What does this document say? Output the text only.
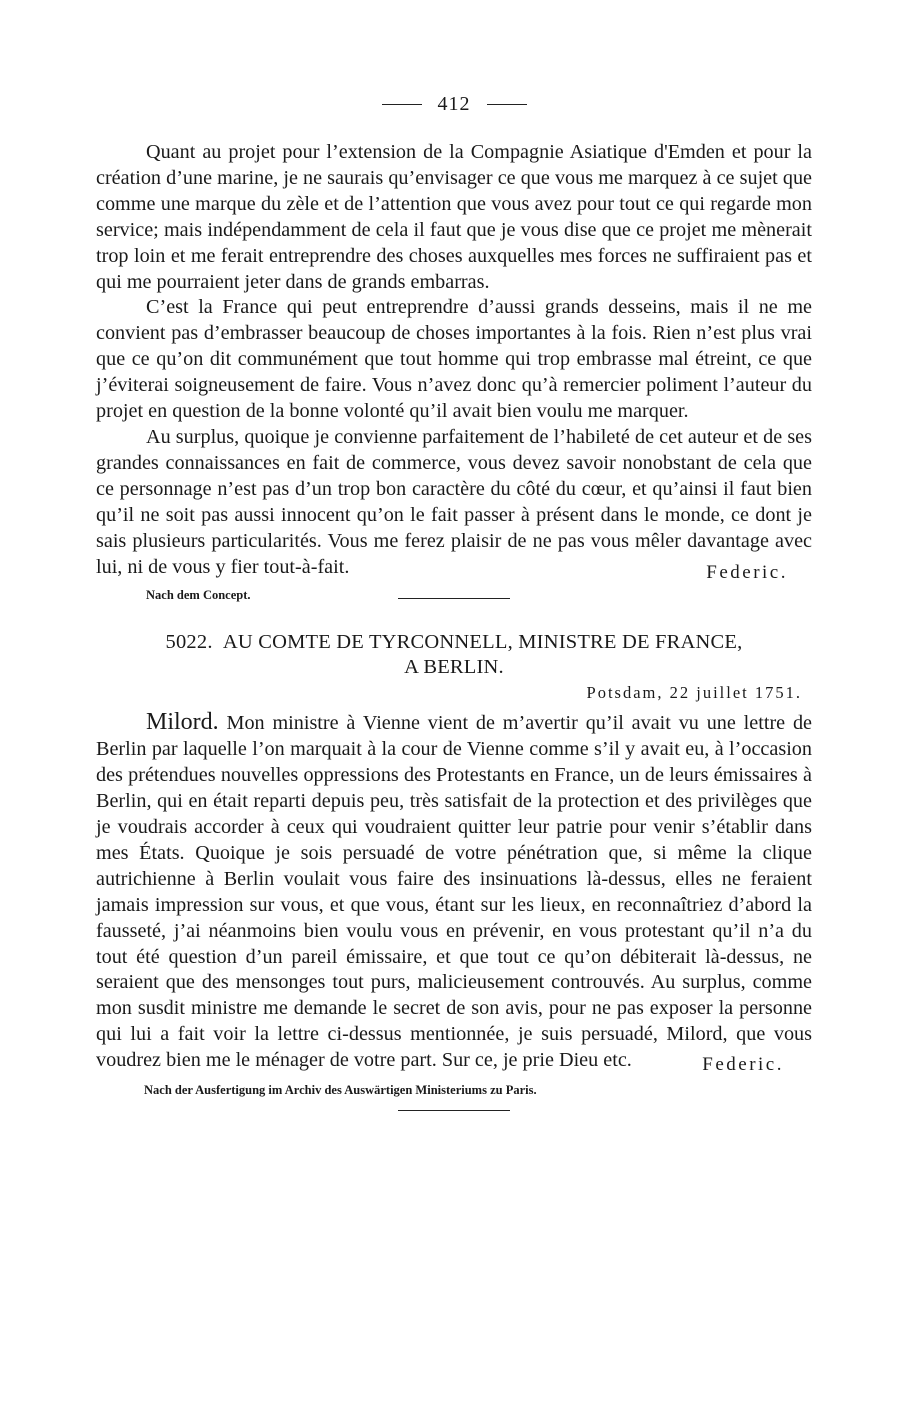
412

Quant au projet pour l’extension de la Compagnie Asiatique d'Emden et pour la création d’une marine, je ne saurais qu’envisager ce que vous me marquez à ce sujet que comme une marque du zèle et de l’attention que vous avez pour tout ce qui regarde mon service; mais indépendamment de cela il faut que je vous dise que ce projet me mènerait trop loin et me ferait entreprendre des choses auxquelles mes forces ne suffiraient pas et qui me pourraient jeter dans de grands embarras.

C’est la France qui peut entreprendre d’aussi grands desseins, mais il ne me convient pas d’embrasser beaucoup de choses importantes à la fois. Rien n’est plus vrai que ce qu’on dit communément que tout homme qui trop embrasse mal étreint, ce que j’éviterai soigneusement de faire. Vous n’avez donc qu’à remercier poliment l’auteur du projet en question de la bonne volonté qu’il avait bien voulu me marquer.

Au surplus, quoique je convienne parfaitement de l’habileté de cet auteur et de ses grandes connaissances en fait de commerce, vous devez savoir nonobstant de cela que ce personnage n’est pas d’un trop bon caractère du côté du cœur, et qu’ainsi il faut bien qu’il ne soit pas aussi innocent qu’on le fait passer à présent dans le monde, ce dont je sais plusieurs particularités. Vous me ferez plaisir de ne pas vous mêler davantage avec lui, ni de vous y fier tout-à-fait.	Federic.
Nach dem Concept.
5022. AU COMTE DE TYRCONNELL, MINISTRE DE FRANCE,
A BERLIN.
Potsdam, 22 juillet 1751.

Milord. Mon ministre à Vienne vient de m’avertir qu’il avait vu une lettre de Berlin par laquelle l’on marquait à la cour de Vienne comme s’il y avait eu, à l’occasion des prétendues nouvelles oppressions des Protestants en France, un de leurs émissaires à Berlin, qui en était reparti depuis peu, très satisfait de la protection et des privilèges que je voudrais accorder à ceux qui voudraient quitter leur patrie pour venir s’établir dans mes États. Quoique je sois persuadé de votre pénétration que, si même la clique autrichienne à Berlin voulait vous faire des insinuations là-dessus, elles ne feraient jamais impression sur vous, et que vous, étant sur les lieux, en reconnaîtriez d’abord la fausseté, j’ai néanmoins bien voulu vous en prévenir, en vous protestant qu’il n’a du tout été question d’un pareil émissaire, et que tout ce qu’on débiterait là-dessus, ne seraient que des mensonges tout purs, malicieusement controuvés. Au surplus, comme mon susdit ministre me demande le secret de son avis, pour ne pas exposer la personne qui lui a fait voir la lettre ci-dessus mentionnée, je suis persuadé, Milord, que vous voudrez bien me le ménager de votre part. Sur ce, je prie Dieu etc.	Federic.
Nach der Ausfertigung im Archiv des Auswärtigen Ministeriums zu Paris.
